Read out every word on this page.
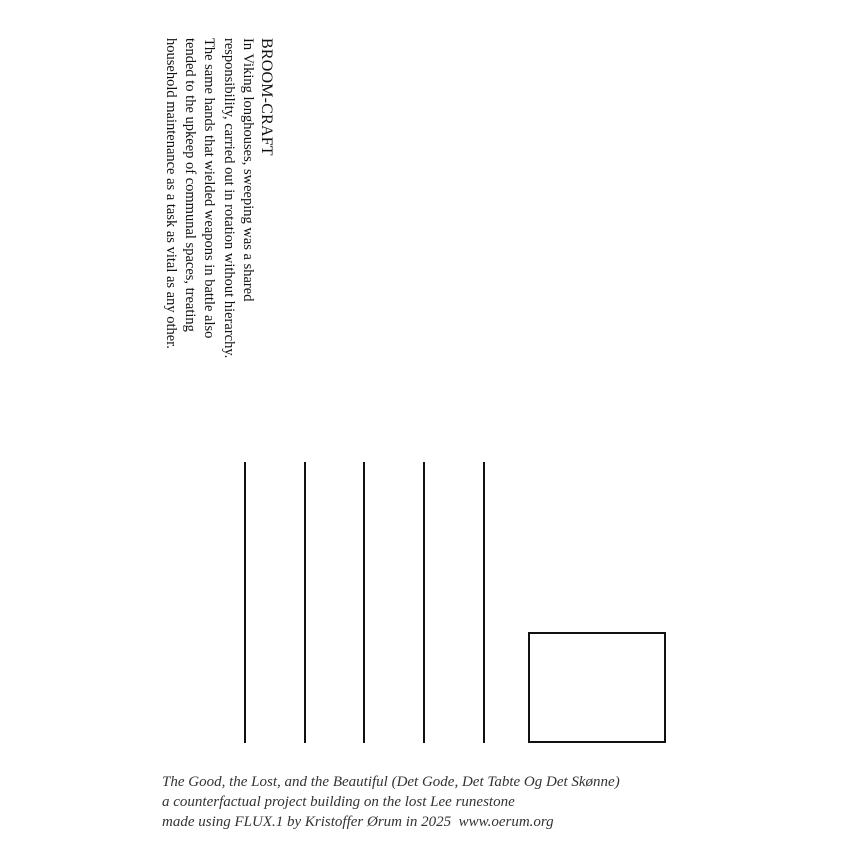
BROOM-CRAFT

In Viking longhouses, sweeping was a shared

responsibility, carried out in rotation without hierarchy.

The same hands that wielded weapons in battle also

tended to the upkeep of communal spaces, treating

household maintenance as a task as vital as any other.

The Good, the Lost, and the Beautiful (Det Gode, Det Tabte Og Det Skønne)
a counterfactual project building on the lost Lee runestone
made using FLUX.1 by Kristoffer Ørum in 2025  www.oerum.org
